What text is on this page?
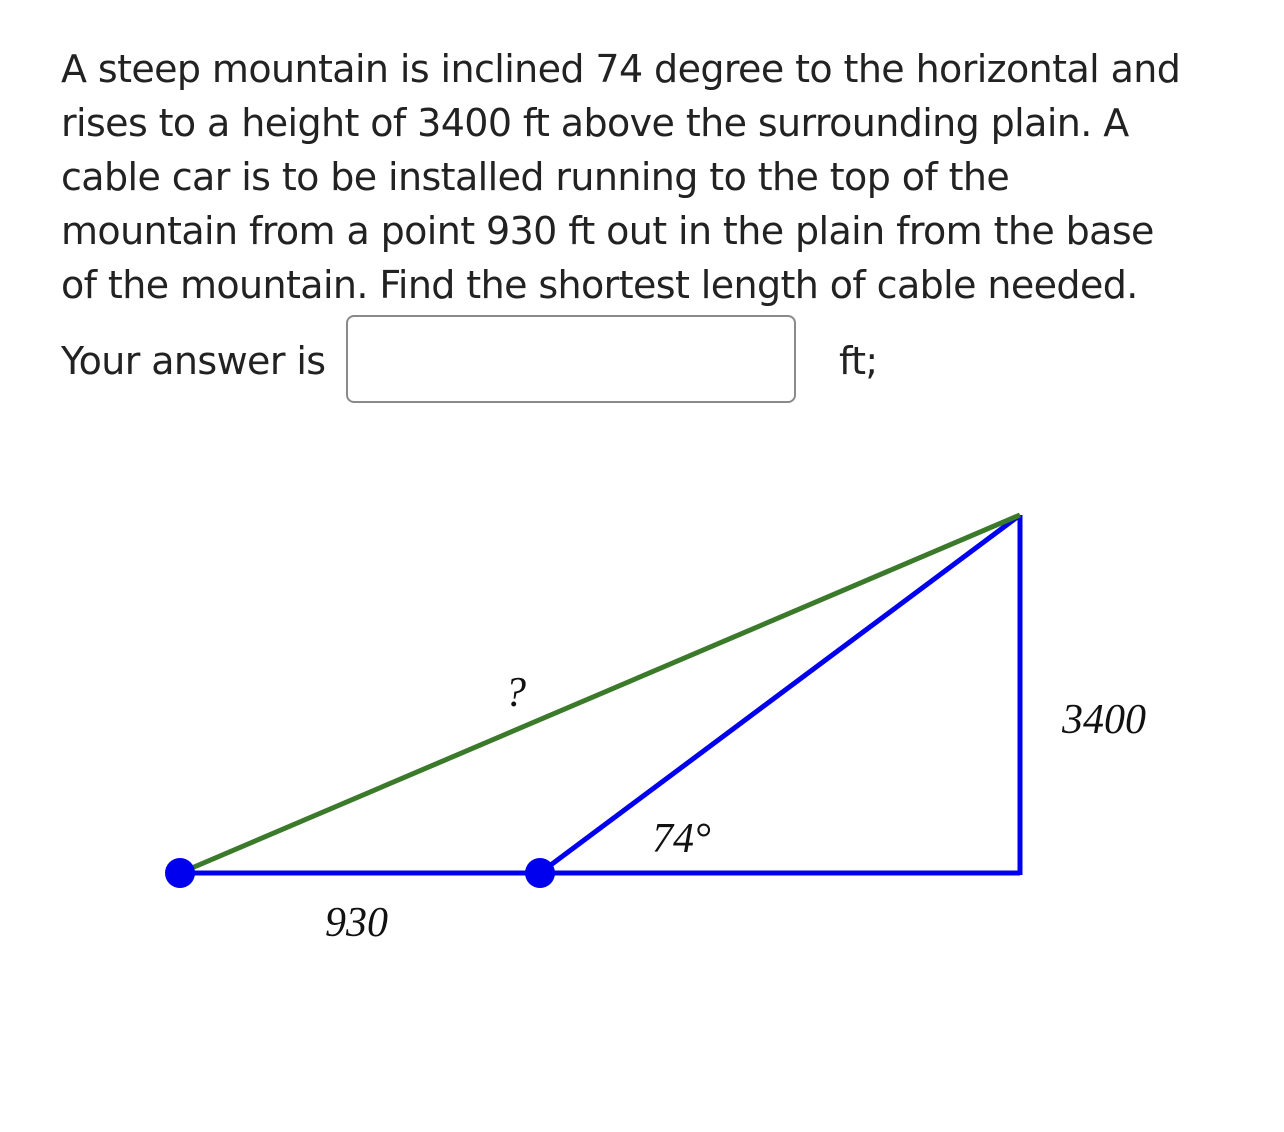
A steep mountain is inclined 74 degree to the horizontal and
rises to a height of 3400 ft above the surrounding plain. A
cable car is to be installed running to the top of the
mountain from a point 930 ft out in the plain from the base
of the mountain. Find the shortest length of cable needed.
Your answer is	ft;
?
3400
74°
930
